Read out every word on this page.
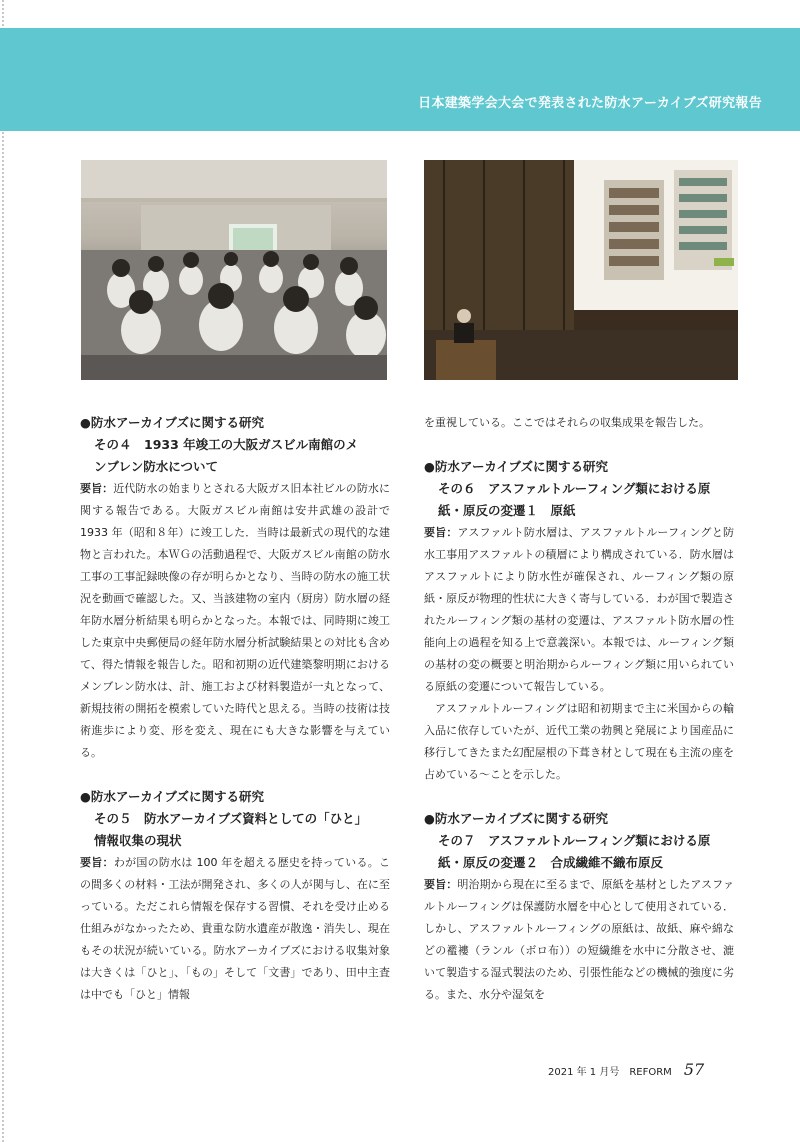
日本建築学会大会で発表された防水アーカイブズ研究報告
●防水アーカイブズに関する研究
その４　1933 年竣工の大阪ガスビル南館のメ
ンブレン防水について

要旨：近代防水の始まりとされる大阪ガス旧本社ビルの防水に関する報告である。大阪ガスビル南館は安井武雄の設計で 1933 年（昭和８年）に竣工した．当時は最新式の現代的な建物と言われた。本ＷＧの活動過程で、大阪ガスビル南館の防水工事の工事記録映像の存が明らかとなり、当時の防水の施工状況を動画で確認した。又、当該建物の室内（厨房）防水層の経年防水層分析結果も明らかとなった。本報では、同時期に竣工した東京中央郵便局の経年防水層分析試験結果との対比も含めて、得た情報を報告した。昭和初期の近代建築黎明期におけるメンブレン防水は、計、施工および材料製造が一丸となって、新規技術の開拓を模索していた時代と思える。当時の技術は技術進歩により変、形を変え、現在にも大きな影響を与えている。

●防水アーカイブズに関する研究
その５　防水アーカイブズ資料としての「ひと」
情報収集の現状

要旨：わが国の防水は 100 年を超える歴史を持っている。この間多くの材料・工法が開発され、多くの人が関与し、在に至っている。ただこれら情報を保存する習慣、それを受け止める仕組みがなかったため、貴重な防水遺産が散逸・消失し、現在もその状況が続いている。防水アーカイブズにおける収集対象は大きくは「ひと」、「もの」そして「文書」であり、田中主査は中でも「ひと」情報

を重視している。ここではそれらの収集成果を報告した。

●防水アーカイブズに関する研究
その６　アスファルトルーフィング類における原
紙・原反の変遷１　原紙

要旨：アスファルト防水層は、アスファルトルーフィングと防水工事用アスファルトの積層により構成されている．防水層はアスファルトにより防水性が確保され、ルーフィング類の原紙・原反が物理的性状に大きく寄与している．わが国で製造されたルーフィング類の基材の変遷は、アスファルト防水層の性能向上の過程を知る上で意義深い。本報では、ルーフィング類の基材の変の概要と明治期からルーフィング類に用いられている原紙の変遷について報告している。

アスファルトルーフィングは昭和初期まで主に米国からの輸入品に依存していたが、近代工業の勃興と発展により国産品に移行してきたまた幻配屋根の下葺き材として現在も主流の座を占めている～ことを示した。

●防水アーカイブズに関する研究
その７　アスファルトルーフィング類における原
紙・原反の変遷２　合成繊維不織布原反

要旨：明治期から現在に至るまで、原紙を基材としたアスファルトルーフィングは保護防水層を中心として使用されている．しかし、アスファルトルーフィングの原紙は、故紙、麻や綿などの襤褸（ランル（ボロ布））の短繊維を水中に分散させ、漉いて製造する湿式製法のため、引張性能などの機械的強度に劣る。また、水分や湿気を

2021 年 1 月号　REFORM 57
